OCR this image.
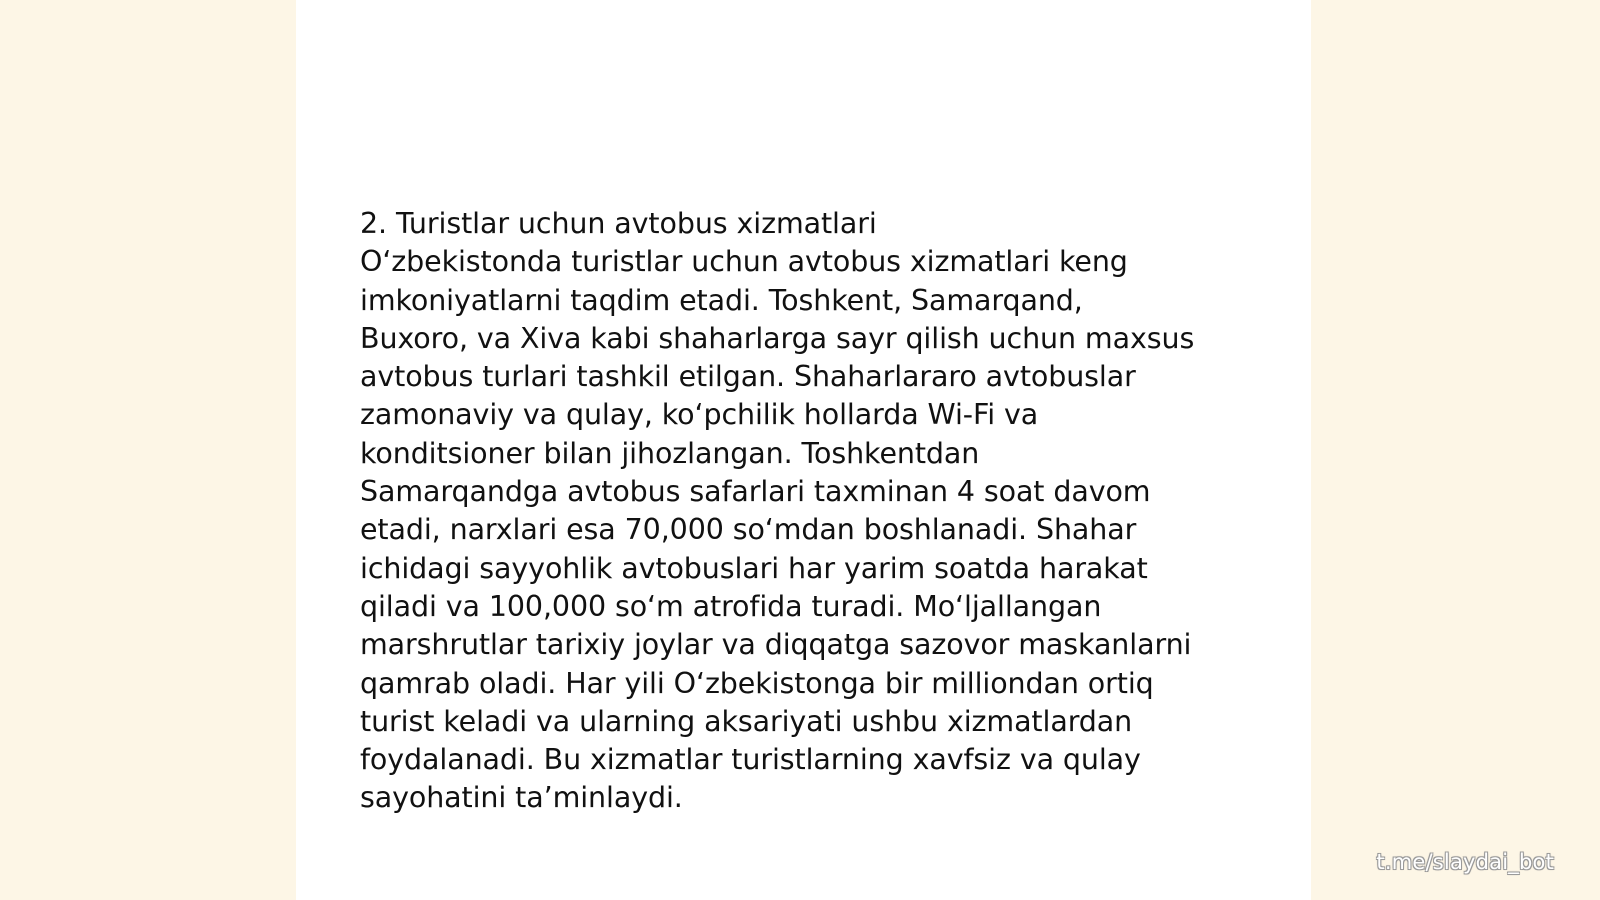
2. Turistlar uchun avtobus xizmatlari
O‘zbekistonda turistlar uchun avtobus xizmatlari keng
imkoniyatlarni taqdim etadi. Toshkent, Samarqand,
Buxoro, va Xiva kabi shaharlarga sayr qilish uchun maxsus
avtobus turlari tashkil etilgan. Shaharlararo avtobuslar
zamonaviy va qulay, ko‘pchilik hollarda Wi-Fi va
konditsioner bilan jihozlangan. Toshkentdan
Samarqandga avtobus safarlari taxminan 4 soat davom
etadi, narxlari esa 70,000 so‘mdan boshlanadi. Shahar
ichidagi sayyohlik avtobuslari har yarim soatda harakat
qiladi va 100,000 so‘m atrofida turadi. Mo‘ljallangan
marshrutlar tarixiy joylar va diqqatga sazovor maskanlarni
qamrab oladi. Har yili O‘zbekistonga bir milliondan ortiq
turist keladi va ularning aksariyati ushbu xizmatlardan
foydalanadi. Bu xizmatlar turistlarning xavfsiz va qulay
sayohatini ta’minlaydi.
t.me/slaydai_bot
